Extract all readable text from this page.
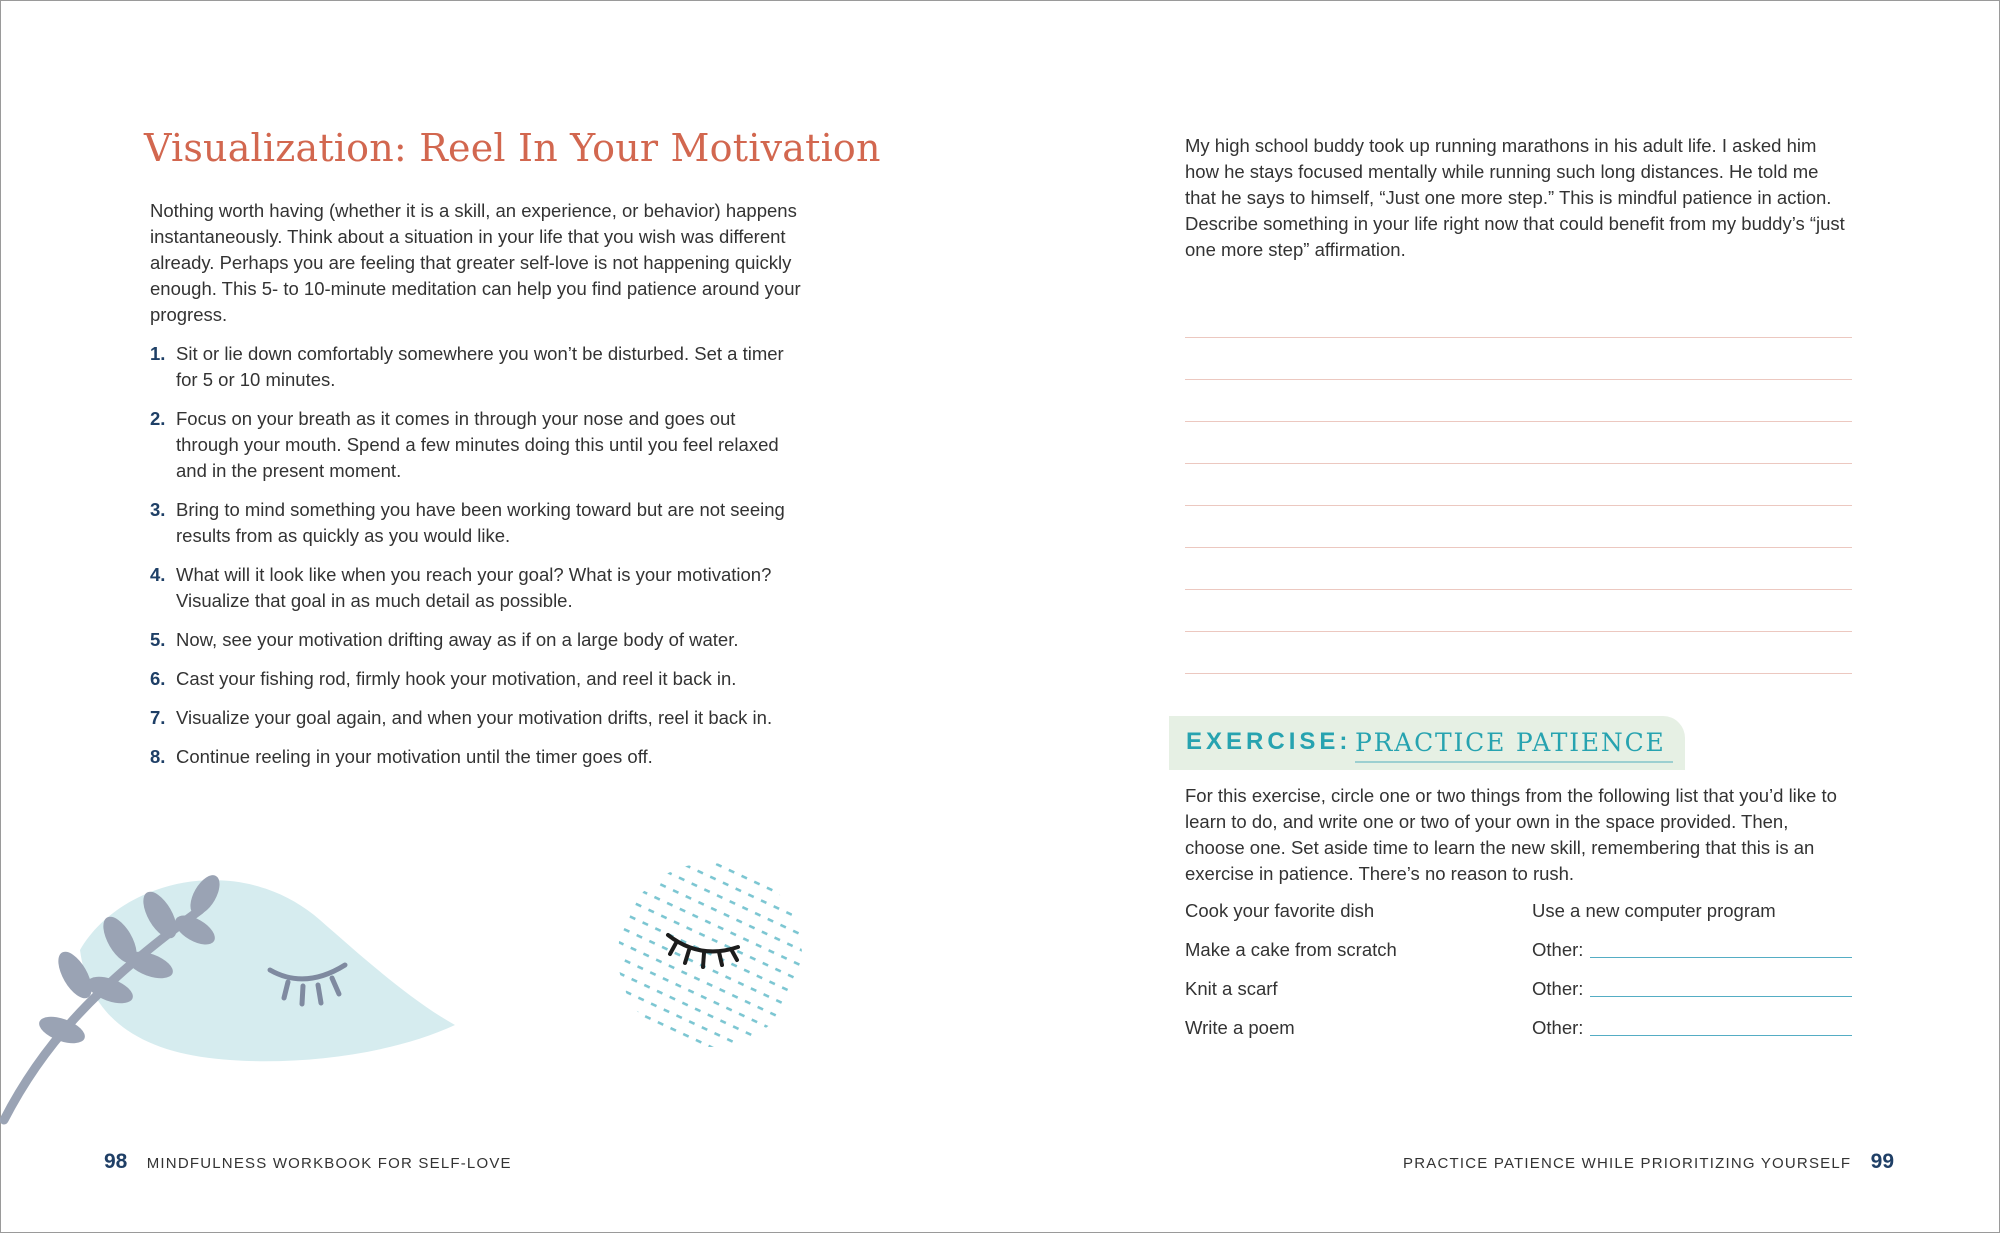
Visualization: Reel In Your Motivation

Nothing worth having (whether it is a skill, an experience, or behavior) happens instantaneously. Think about a situation in your life that you wish was different already. Perhaps you are feeling that greater self-love is not happening quickly enough. This 5- to 10-minute meditation can help you find patience around your progress.

1. Sit or lie down comfortably somewhere you won’t be disturbed. Set a timer for 5 or 10 minutes.
2. Focus on your breath as it comes in through your nose and goes out through your mouth. Spend a few minutes doing this until you feel relaxed and in the present moment.
3. Bring to mind something you have been working toward but are not seeing results from as quickly as you would like.
4. What will it look like when you reach your goal? What is your motivation? Visualize that goal in as much detail as possible.
5. Now, see your motivation drifting away as if on a large body of water.
6. Cast your fishing rod, firmly hook your motivation, and reel it back in.
7. Visualize your goal again, and when your motivation drifts, reel it back in.
8. Continue reeling in your motivation until the timer goes off.
98 MINDFULNESS WORKBOOK FOR SELF-LOVE

My high school buddy took up running marathons in his adult life. I asked him how he stays focused mentally while running such long distances. He told me that he says to himself, “Just one more step.” This is mindful patience in action. Describe something in your life right now that could benefit from my buddy’s “just one more step” affirmation.

EXERCISE: PRACTICE PATIENCE

For this exercise, circle one or two things from the following list that you’d like to learn to do, and write one or two of your own in the space provided. Then, choose one. Set aside time to learn the new skill, remembering that this is an exercise in patience. There’s no reason to rush.

Cook your favorite dish
Make a cake from scratch
Knit a scarf
Write a poem
Use a new computer program
Other:
Other:
Other:
PRACTICE PATIENCE WHILE PRIORITIZING YOURSELF 99
